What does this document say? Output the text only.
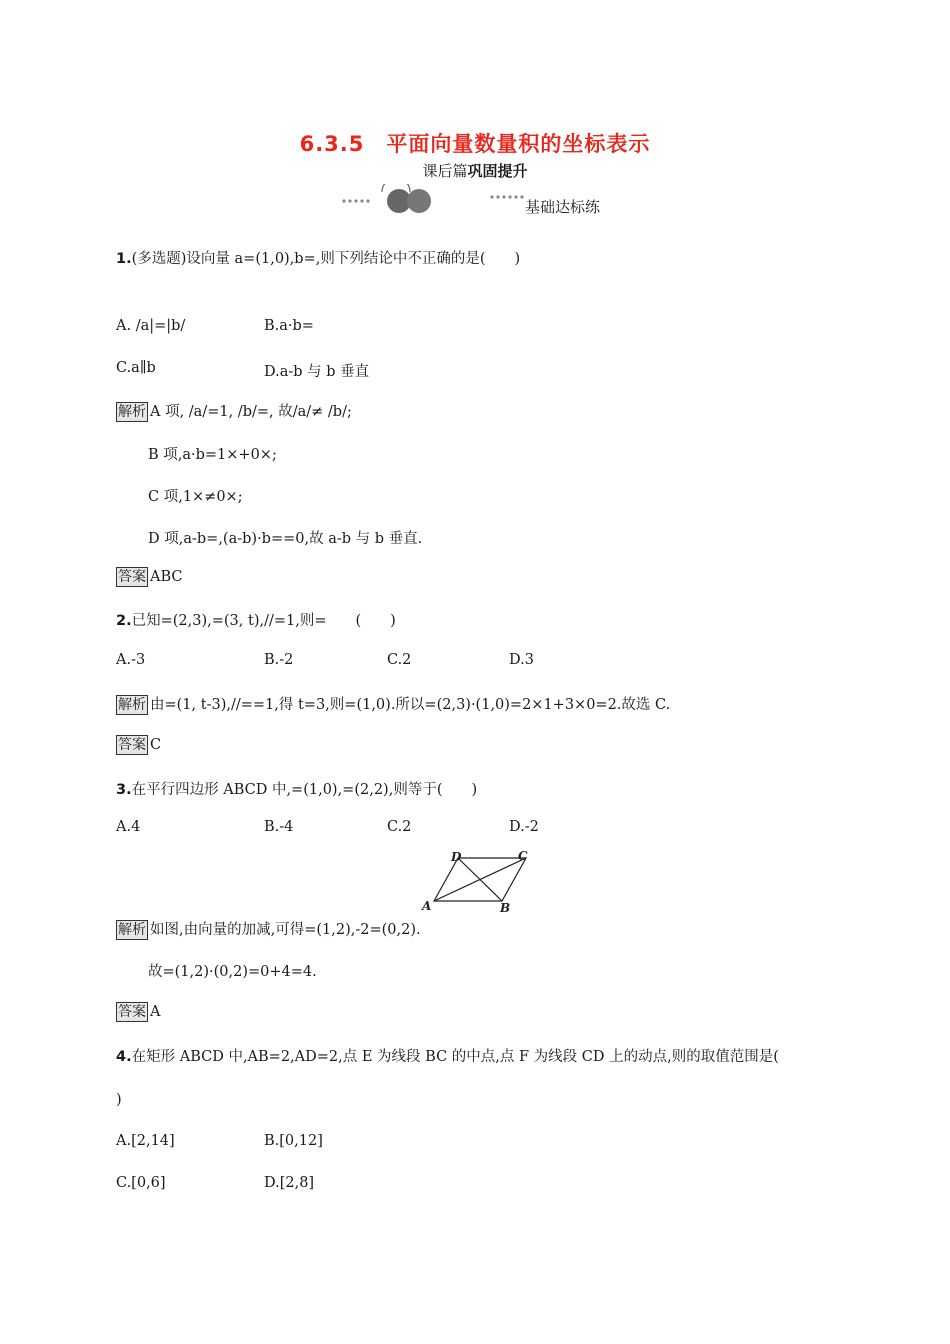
6.3.5　平面向量数量积的坐标表示
课后篇巩固提升
基础达标练
1.(多选题)设向量 a=(1,0),b=,则下列结论中不正确的是(　　)
A. /a|=|b/	B.a·b=
C.a∥b	D.a-b 与 b 垂直
解析 A 项, /a/=1, /b/=, 故/a/≠ /b/;
B 项,a·b=1×+0×;
C 项,1×≠0×;
D 项,a-b=,(a-b)·b==0,故 a-b 与 b 垂直.
答案 ABC
2.已知=(2,3),=(3, t),//=1,则=　　(　　)
A.-3	B.-2	C.2	D.3
解析 由=(1, t-3),//==1,得 t=3,则=(1,0).所以=(2,3)·(1,0)=2×1+3×0=2.故选 C.
答案 C
3.在平行四边形 ABCD 中,=(1,0),=(2,2),则等于(　　)
A.4	B.-4	C.2	D.-2
A	B
C
D
解析 如图,由向量的加减,可得=(1,2),-2=(0,2).
故=(1,2)·(0,2)=0+4=4.
答案 A
4.在矩形 ABCD 中,AB=2,AD=2,点 E 为线段 BC 的中点,点 F 为线段 CD 上的动点,则的取值范围是(
)
A.[2,14]	B.[0,12]
C.[0,6]	D.[2,8]
